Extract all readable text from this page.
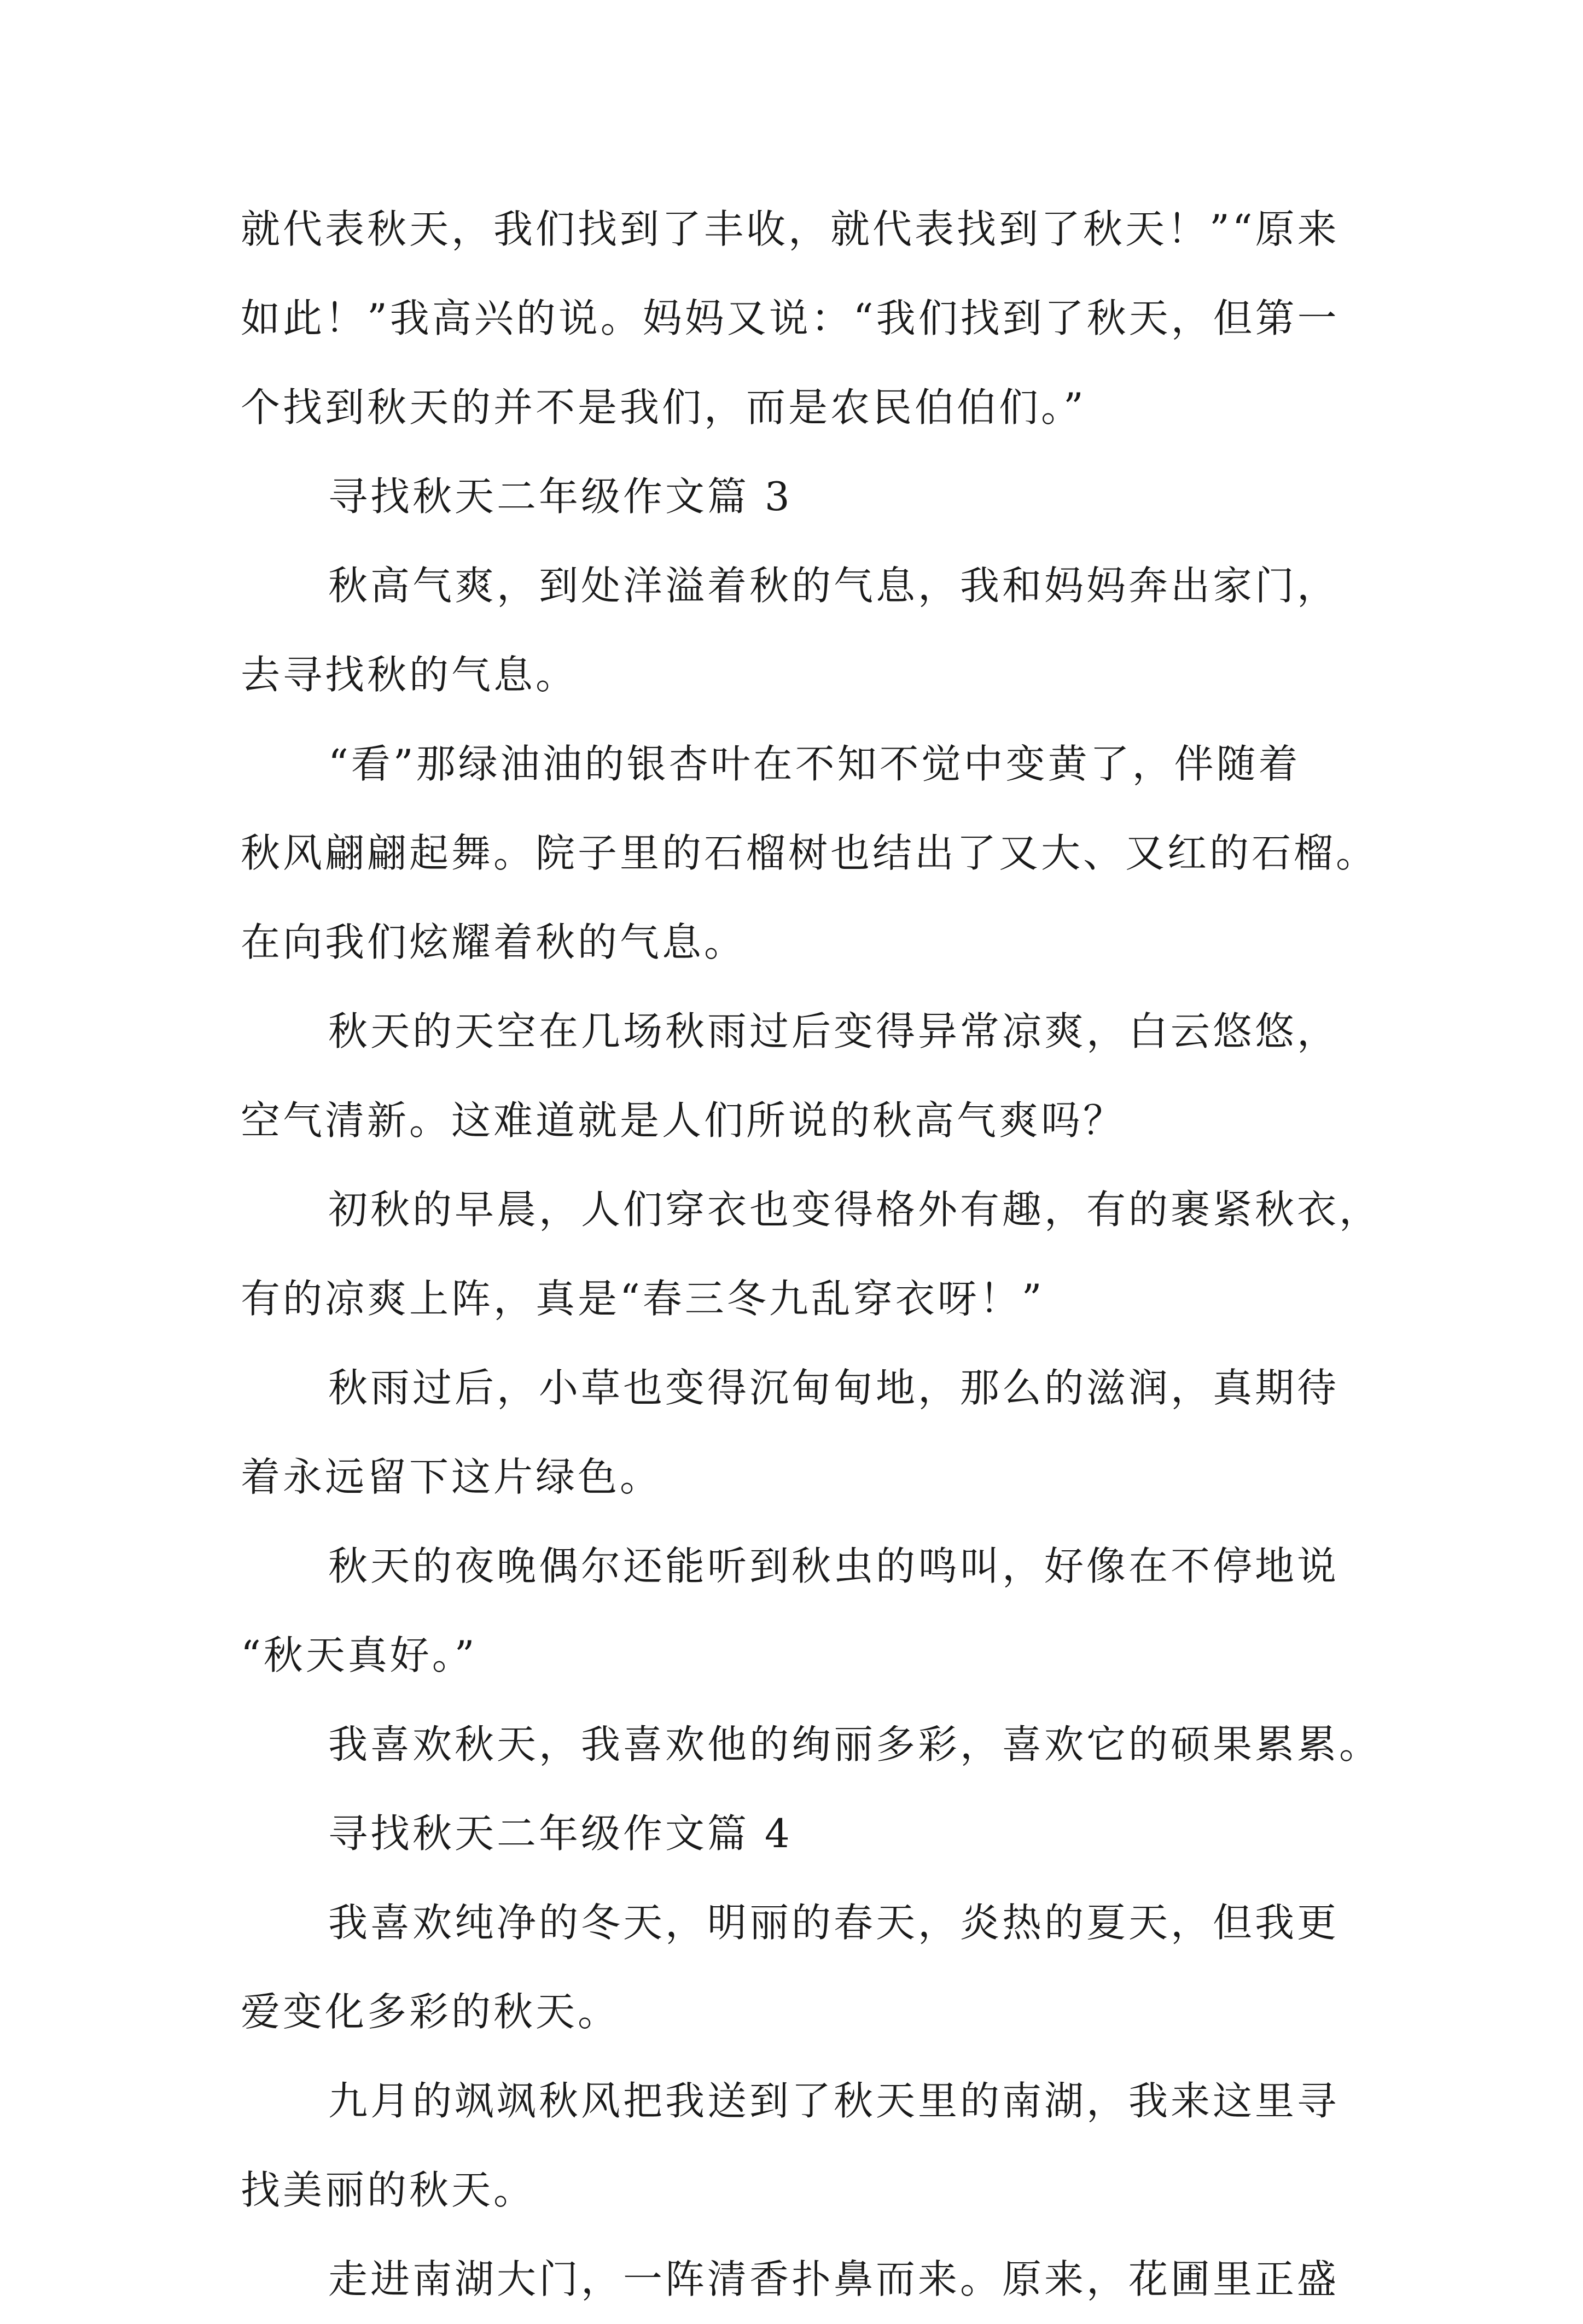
就代表秋天，我们找到了丰收，就代表找到了秋天！”“原来
如此！”我高兴的说。妈妈又说：“我们找到了秋天，但第一
个找到秋天的并不是我们，而是农民伯伯们。”
寻找秋天二年级作文篇 3
秋高气爽，到处洋溢着秋的气息，我和妈妈奔出家门，
去寻找秋的气息。
“看”那绿油油的银杏叶在不知不觉中变黄了，伴随着
秋风翩翩起舞。院子里的石榴树也结出了又大、又红的石榴。
在向我们炫耀着秋的气息。
秋天的天空在几场秋雨过后变得异常凉爽，白云悠悠，
空气清新。这难道就是人们所说的秋高气爽吗？
初秋的早晨，人们穿衣也变得格外有趣，有的裹紧秋衣，
有的凉爽上阵，真是“春三冬九乱穿衣呀！”
秋雨过后，小草也变得沉甸甸地，那么的滋润，真期待
着永远留下这片绿色。
秋天的夜晚偶尔还能听到秋虫的鸣叫，好像在不停地说
“秋天真好。”
我喜欢秋天，我喜欢他的绚丽多彩，喜欢它的硕果累累。
寻找秋天二年级作文篇 4
我喜欢纯净的冬天，明丽的春天，炎热的夏天，但我更
爱变化多彩的秋天。
九月的飒飒秋风把我送到了秋天里的南湖，我来这里寻
找美丽的秋天。
走进南湖大门，一阵清香扑鼻而来。原来，花圃里正盛
